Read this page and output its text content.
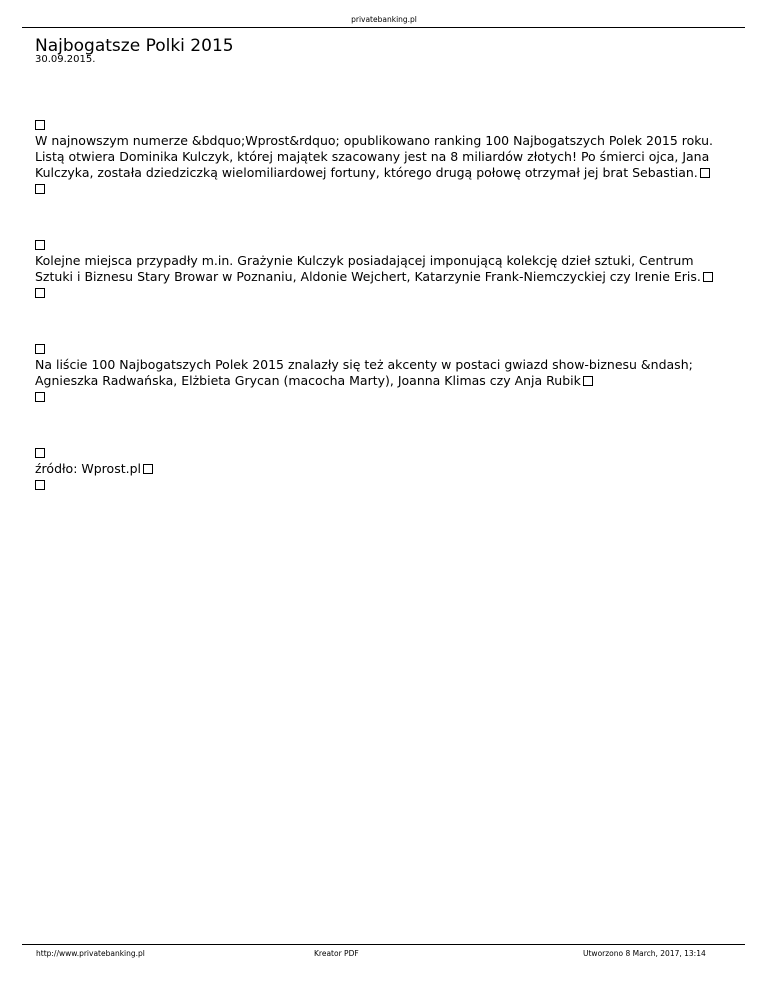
privatebanking.pl
Najbogatsze Polki 2015
30.09.2015.
W najnowszym numerze &bdquo;Wprost&rdquo; opublikowano ranking 100 Najbogatszych Polek 2015 roku. Listą otwiera Dominika Kulczyk, której majątek szacowany jest na 8 miliardów złotych! Po śmierci ojca, Jana Kulczyka, została dziedziczką wielomiliardowej fortuny, którego drugą połowę otrzymał jej brat Sebastian.
Kolejne miejsca przypadły m.in. Grażynie Kulczyk posiadającej imponującą kolekcję dzieł sztuki, Centrum Sztuki i Biznesu Stary Browar w Poznaniu, Aldonie Wejchert, Katarzynie Frank-Niemczyckiej czy Irenie Eris.
Na liście 100 Najbogatszych Polek 2015 znalazły się też akcenty w postaci gwiazd show-biznesu &ndash; Agnieszka Radwańska, Elżbieta Grycan (macocha Marty), Joanna Klimas czy Anja Rubik
źródło: Wprost.pl
http://www.privatebanking.pl	Kreator PDF	Utworzono 8 March, 2017, 13:14
